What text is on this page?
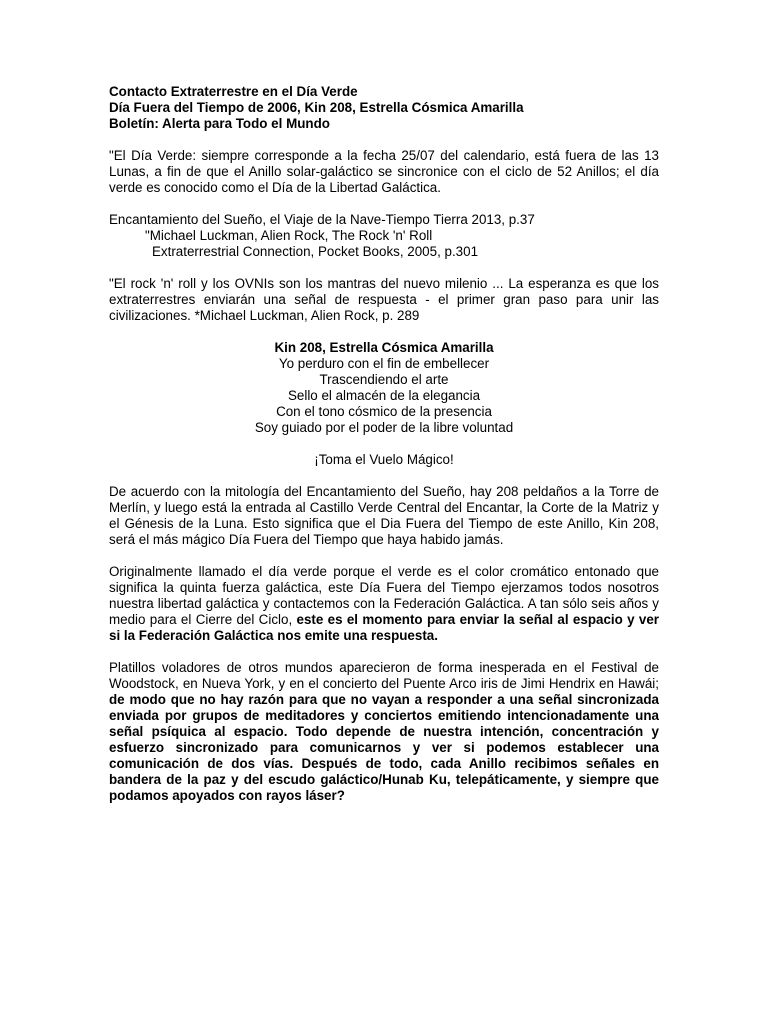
Contacto Extraterrestre en el Día Verde
Día Fuera del Tiempo de 2006, Kin 208, Estrella Cósmica Amarilla
Boletín: Alerta para Todo el Mundo

"El Día Verde: siempre corresponde a la fecha 25/07 del calendario, está fuera de las 13 Lunas, a fin de que el Anillo solar-galáctico se sincronice con el ciclo de 52 Anillos; el día verde es conocido como el Día de la Libertad Galáctica.

Encantamiento del Sueño, el Viaje de la Nave-Tiempo Tierra 2013, p.37
"Michael Luckman, Alien Rock, The Rock 'n' Roll
Extraterrestrial Connection, Pocket Books, 2005, p.301

"El rock 'n' roll y los OVNIs son los mantras del nuevo milenio ... La esperanza es que los extraterrestres enviarán una señal de respuesta - el primer gran paso para unir las civilizaciones. *Michael Luckman, Alien Rock, p. 289

Kin 208, Estrella Cósmica Amarilla
Yo perduro con el fin de embellecer
Trascendiendo el arte
Sello el almacén de la elegancia
Con el tono cósmico de la presencia
Soy guiado por el poder de la libre voluntad

¡Toma el Vuelo Mágico!

De acuerdo con la mitología del Encantamiento del Sueño, hay 208 peldaños a la Torre de Merlín, y luego está la entrada al Castillo Verde Central del Encantar, la Corte de la Matriz y el Génesis de la Luna. Esto significa que el Dia Fuera del Tiempo de este Anillo, Kin 208, será el más mágico Día Fuera del Tiempo que haya habido jamás.

Originalmente llamado el día verde porque el verde es el color cromático entonado que significa la quinta fuerza galáctica, este Día Fuera del Tiempo ejerzamos todos nosotros nuestra libertad galáctica y contactemos con la Federación Galáctica. A tan sólo seis años y medio para el Cierre del Ciclo, este es el momento para enviar la señal al espacio y ver si la Federación Galáctica nos emite una respuesta.

Platillos voladores de otros mundos aparecieron de forma inesperada en el Festival de Woodstock, en Nueva York, y en el concierto del Puente Arco iris de Jimi Hendrix en Hawái; de modo que no hay razón para que no vayan a responder a una señal sincronizada enviada por grupos de meditadores y conciertos emitiendo intencionadamente una señal psíquica al espacio. Todo depende de nuestra intención, concentración y esfuerzo sincronizado para comunicarnos y ver si podemos establecer una comunicación de dos vías. Después de todo, cada Anillo recibimos señales en bandera de la paz y del escudo galáctico/Hunab Ku, telepáticamente, y siempre que podamos apoyados con rayos láser?
